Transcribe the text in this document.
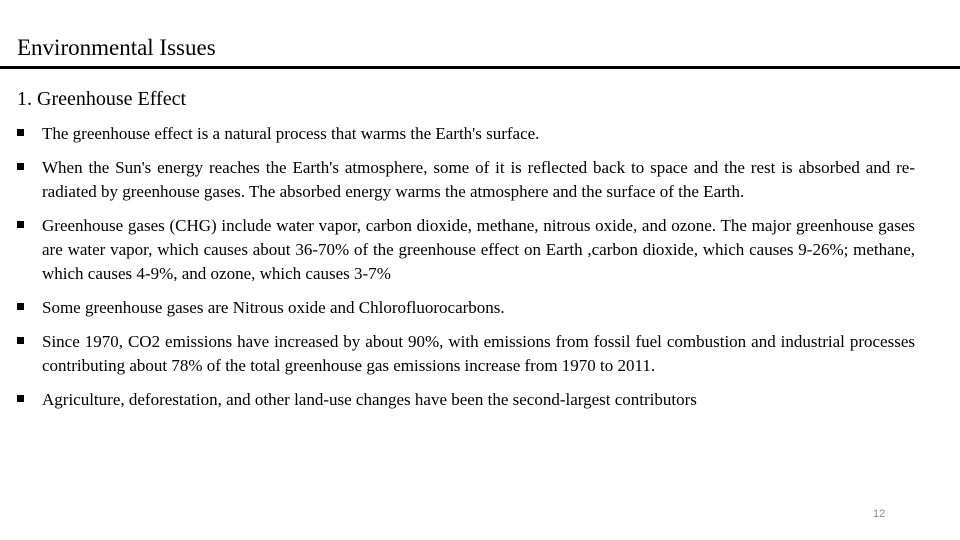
Environmental Issues
1. Greenhouse Effect
The greenhouse effect is a natural process that warms the Earth's surface.
When the Sun's energy reaches the Earth's atmosphere, some of it is reflected back to space and the rest is absorbed and re-radiated by greenhouse gases. The absorbed energy warms the atmosphere and the surface of the Earth.
Greenhouse gases (CHG) include water vapor, carbon dioxide, methane, nitrous oxide, and ozone. The major greenhouse gases are water vapor, which causes about 36-70% of the greenhouse effect on Earth ,carbon dioxide, which causes 9-26%; methane, which causes 4-9%, and ozone, which causes 3-7%
Some greenhouse gases are Nitrous oxide and Chlorofluorocarbons.
Since 1970, CO2 emissions have increased by about 90%, with emissions from fossil fuel combustion and industrial processes contributing about 78% of the total greenhouse gas emissions increase from 1970 to 2011.
Agriculture, deforestation, and other land-use changes have been the second-largest contributors
12
